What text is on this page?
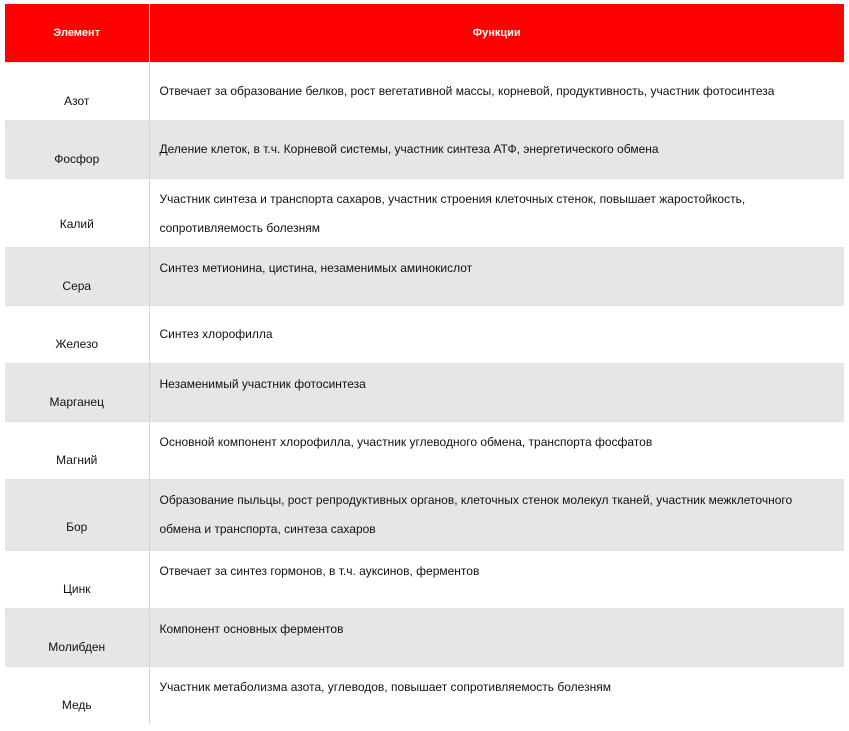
Элемент	Функции
Азот	Отвечает за образование белков, рост вегетативной массы, корневой, продуктивность, участник фотосинтеза
Фосфор	Деление клеток, в т.ч. Корневой системы, участник синтеза АТФ, энергетического обмена
Калий	Участник синтеза и транспорта сахаров, участник строения клеточных стенок, повышает жаростойкость, сопротивляемость болезням
Сера	Синтез метионина, цистина, незаменимых аминокислот
Железо	Синтез хлорофилла
Марганец	Незаменимый участник фотосинтеза
Магний	Основной компонент хлорофилла, участник углеводного обмена, транспорта фосфатов
Бор	Образование пыльцы, рост репродуктивных органов, клеточных стенок молекул тканей, участник межклеточного обмена и транспорта, синтеза сахаров
Цинк	Отвечает за синтез гормонов, в т.ч. ауксинов, ферментов
Молибден	Компонент основных ферментов
Медь	Участник метаболизма азота, углеводов, повышает сопротивляемость болезням
